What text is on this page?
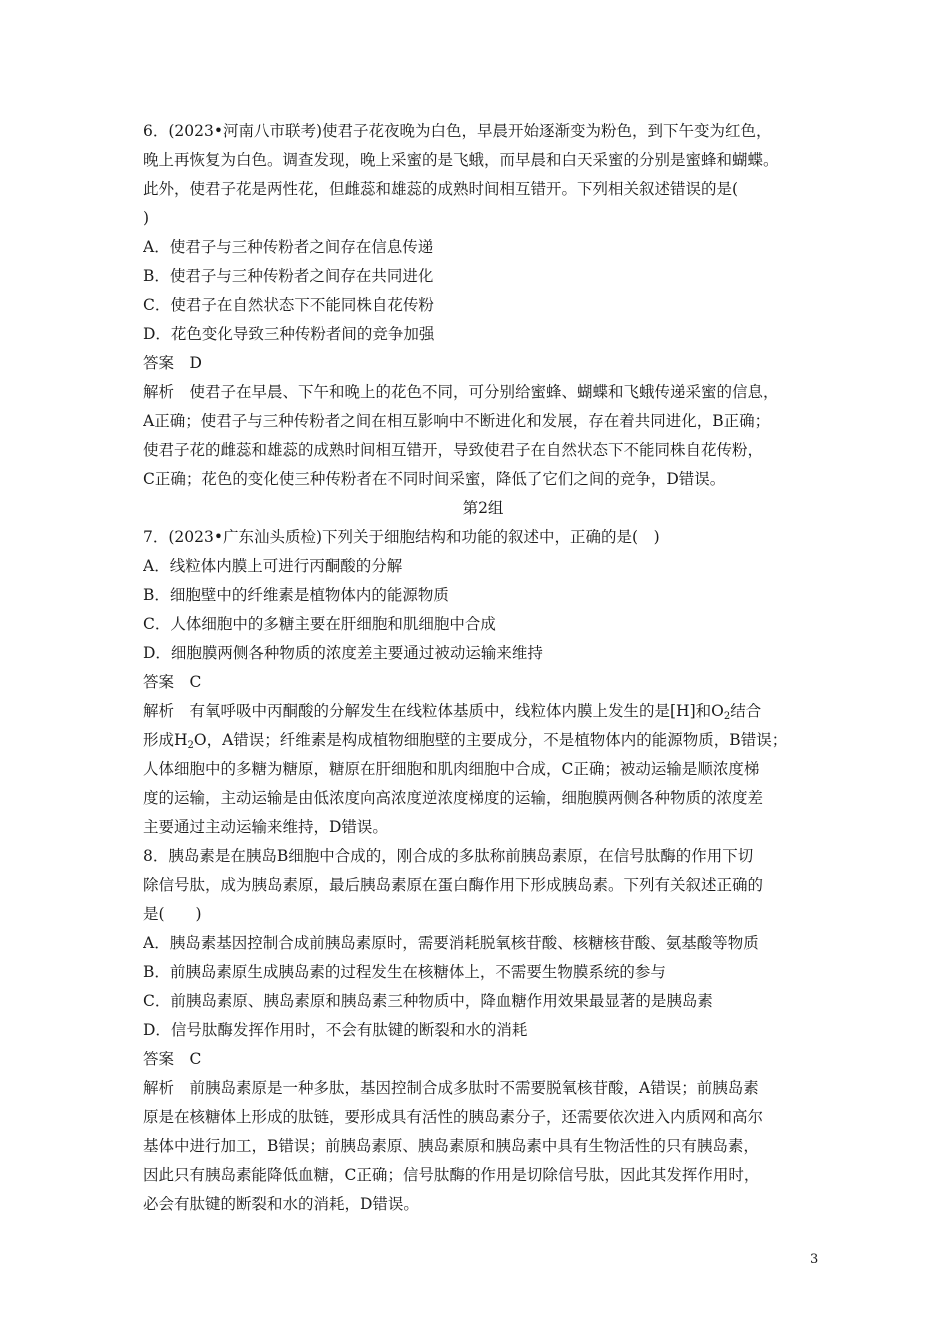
6．(2023•河南八市联考)使君子花夜晚为白色，早晨开始逐渐变为粉色，到下午变为红色，
晚上再恢复为白色。调查发现，晚上采蜜的是飞蛾，而早晨和白天采蜜的分别是蜜蜂和蝴蝶。
此外，使君子花是两性花，但雌蕊和雄蕊的成熟时间相互错开。下列相关叙述错误的是(
)
A．使君子与三种传粉者之间存在信息传递
B．使君子与三种传粉者之间存在共同进化
C．使君子在自然状态下不能同株自花传粉
D．花色变化导致三种传粉者间的竞争加强
答案　D
解析　使君子在早晨、下午和晚上的花色不同，可分别给蜜蜂、蝴蝶和飞蛾传递采蜜的信息，
A正确；使君子与三种传粉者之间在相互影响中不断进化和发展，存在着共同进化，B正确；
使君子花的雌蕊和雄蕊的成熟时间相互错开，导致使君子在自然状态下不能同株自花传粉，
C正确；花色的变化使三种传粉者在不同时间采蜜，降低了它们之间的竞争，D错误。
第2组
7．(2023•广东汕头质检)下列关于细胞结构和功能的叙述中，正确的是(　)
A．线粒体内膜上可进行丙酮酸的分解
B．细胞壁中的纤维素是植物体内的能源物质
C．人体细胞中的多糖主要在肝细胞和肌细胞中合成
D．细胞膜两侧各种物质的浓度差主要通过被动运输来维持
答案　C
解析　有氧呼吸中丙酮酸的分解发生在线粒体基质中，线粒体内膜上发生的是[H]和$O_2$结合
形成$H_2O$，A错误；纤维素是构成植物细胞壁的主要成分，不是植物体内的能源物质，B错误；
人体细胞中的多糖为糖原，糖原在肝细胞和肌肉细胞中合成，C正确；被动运输是顺浓度梯
度的运输，主动运输是由低浓度向高浓度逆浓度梯度的运输，细胞膜两侧各种物质的浓度差
主要通过主动运输来维持，D错误。
8．胰岛素是在胰岛B细胞中合成的，刚合成的多肽称前胰岛素原，在信号肽酶的作用下切
除信号肽，成为胰岛素原，最后胰岛素原在蛋白酶作用下形成胰岛素。下列有关叙述正确的
是(　　)
A．胰岛素基因控制合成前胰岛素原时，需要消耗脱氧核苷酸、核糖核苷酸、氨基酸等物质
B．前胰岛素原生成胰岛素的过程发生在核糖体上，不需要生物膜系统的参与
C．前胰岛素原、胰岛素原和胰岛素三种物质中，降血糖作用效果最显著的是胰岛素
D．信号肽酶发挥作用时，不会有肽键的断裂和水的消耗
答案　C
解析　前胰岛素原是一种多肽，基因控制合成多肽时不需要脱氧核苷酸，A错误；前胰岛素
原是在核糖体上形成的肽链，要形成具有活性的胰岛素分子，还需要依次进入内质网和高尔
基体中进行加工，B错误；前胰岛素原、胰岛素原和胰岛素中具有生物活性的只有胰岛素，
因此只有胰岛素能降低血糖，C正确；信号肽酶的作用是切除信号肽，因此其发挥作用时，
必会有肽键的断裂和水的消耗，D错误。
3
